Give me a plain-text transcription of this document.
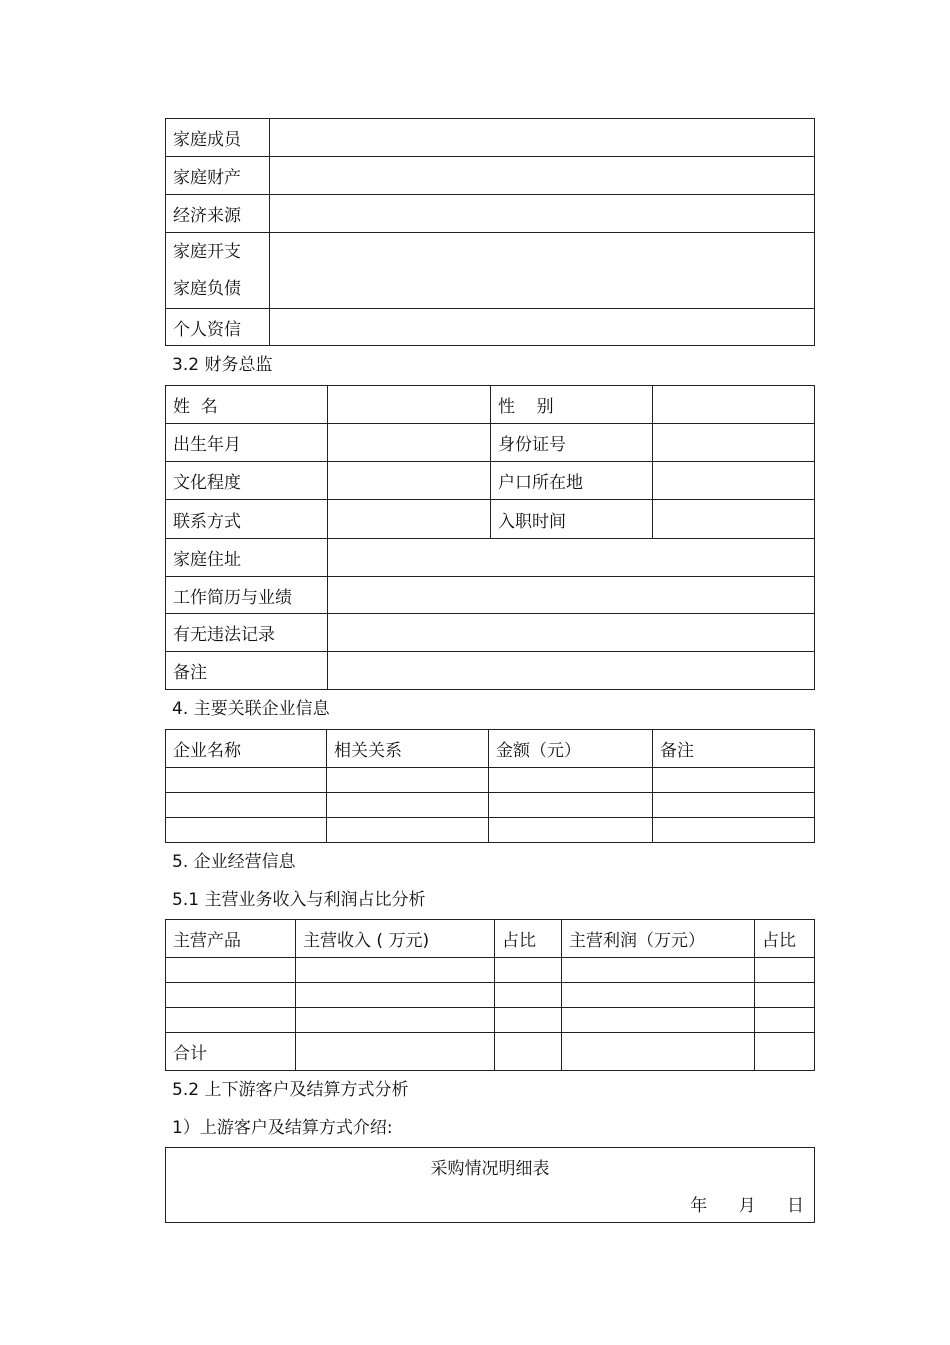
家庭成员	
家庭财产	
经济来源	

家庭开支
家庭负债	

个人资信	
3.2 财务总监
姓  名		性    别	
出生年月		身份证号	
文化程度		户口所在地	
联系方式		入职时间	
家庭住址			
工作简历与业绩			
有无违法记录			
备注			
4. 主要关联企业信息
企业名称	相关关系	金额（元）	备注

5. 企业经营信息
5.1 主营业务收入与利润占比分析
主营产品	主营收入 ( 万元)	占比	主营利润（万元）	占比

合计				
5.2 上下游客户及结算方式分析
1）上游客户及结算方式介绍:
采购情况明细表
年 月 日
